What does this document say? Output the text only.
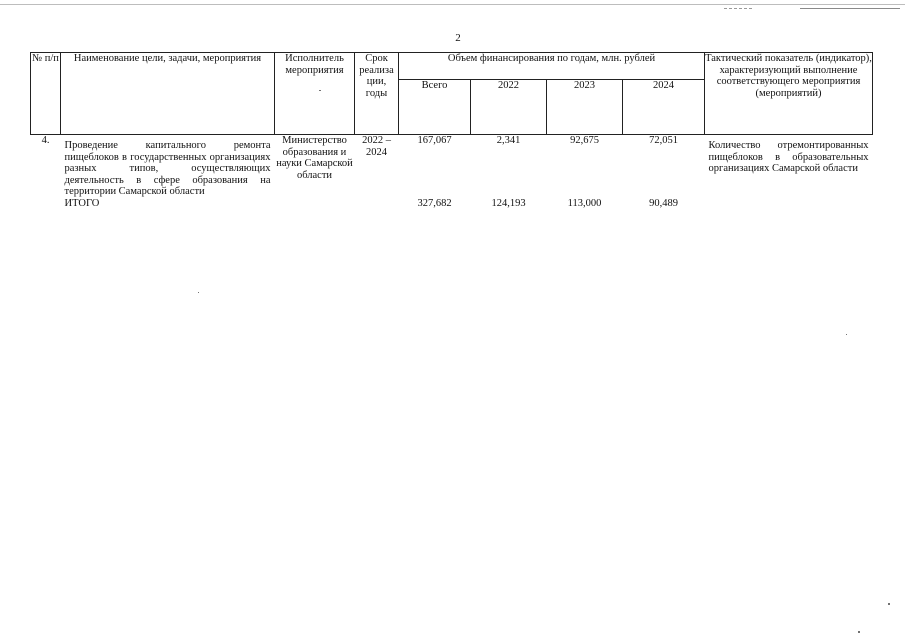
2
№ п/п	Наименование цели, задачи, мероприятия	Исполнитель мероприятия	Срок реализа ции, годы	Объем финансирования по годам, млн. рублей				Тактический показатель (индикатор), характеризующий выполнение соответствующего мероприятия (мероприятий)
				Всего	2022	2023	2024	
4.	Проведение капитального ремонта пищеблоков в государственных организациях разных типов, осуществляющих деятельность в сфере образования на территории Самарской области	Министерство образования и науки Самарской области	2022 – 2024	167,067	2,341	92,675	72,051	Количество отремонтированных пищеблоков в образовательных организациях Самарской области
	ИТОГО			327,682	124,193	113,000	90,489	
